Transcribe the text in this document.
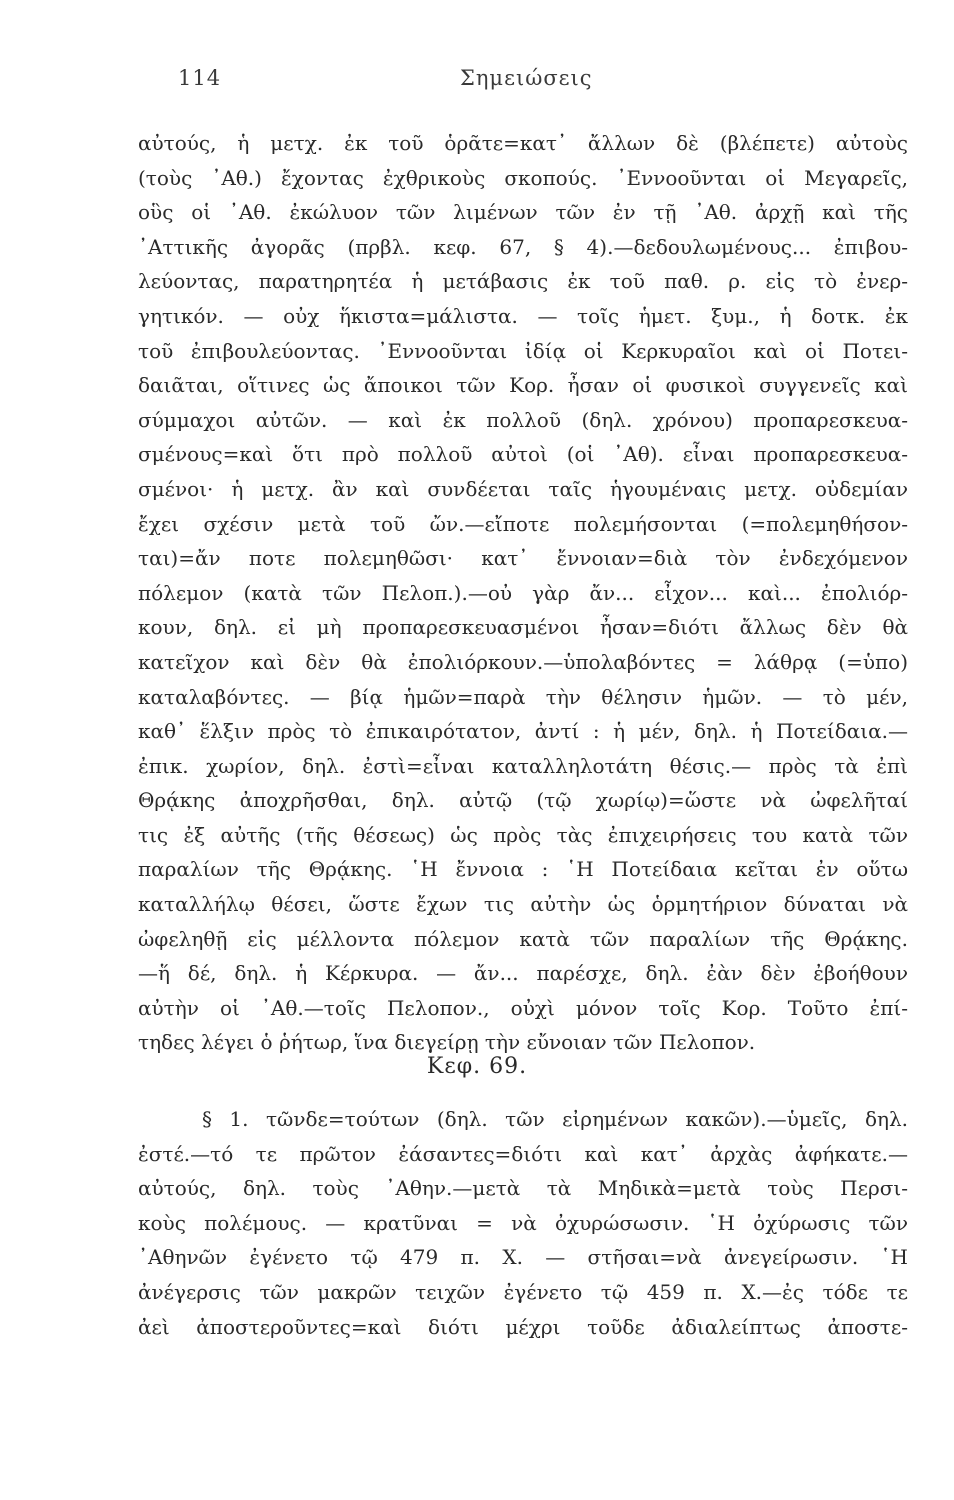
114	Σημειώσεις
αὐτούς, ἡ μετχ. ἐκ τοῦ ὁρᾶτε=κατ᾽ ἄλλων δὲ (βλέπετε) αὐτοὺς
(τοὺς ᾿Αθ.) ἔχοντας ἐχθρικοὺς σκοπούς. ᾿Εννοοῦνται οἱ Μεγαρεῖς,
οὓς οἱ ᾿Αθ. ἐκώλυον τῶν λιμένων τῶν ἐν τῇ ᾿Αθ. ἀρχῇ καὶ τῆς
᾿Αττικῆς ἀγορᾶς (πρβλ. κεφ. 67, § 4).—δεδουλωμένους... ἐπιβου-
λεύοντας, παρατηρητέα ἡ μετάβασις ἐκ τοῦ παθ. ρ. εἰς τὸ ἐνερ-
γητικόν. — οὐχ ἥκιστα=μάλιστα. — τοῖς ἡμετ. ξυμ., ἡ δοτκ. ἐκ
τοῦ ἐπιβουλεύοντας. ᾿Εννοοῦνται ἰδίᾳ οἱ Κερκυραῖοι καὶ οἱ Ποτει-
δαιᾶται, οἵτινες ὡς ἄποικοι τῶν Κορ. ἦσαν οἱ φυσικοὶ συγγενεῖς καὶ
σύμμαχοι αὐτῶν. — καὶ ἐκ πολλοῦ (δηλ. χρόνου) προπαρεσκευα-
σμένους=καὶ ὅτι πρὸ πολλοῦ αὐτοὶ (οἱ ᾿Αθ). εἶναι προπαρεσκευα-
σμένοι· ἡ μετχ. ἂν καὶ συνδέεται ταῖς ἡγουμέναις μετχ. οὐδεμίαν
ἔχει σχέσιν μετὰ τοῦ ὤν.—εἴποτε πολεμήσονται (=πολεμηθήσον-
ται)=ἄν ποτε πολεμηθῶσι· κατ᾽ ἔννοιαν=διὰ τὸν ἐνδεχόμενον
πόλεμον (κατὰ τῶν Πελοπ.).—οὐ γὰρ ἄν... εἶχον... καὶ... ἐπολιόρ-
κουν, δηλ. εἰ μὴ προπαρεσκευασμένοι ἦσαν=διότι ἄλλως δὲν θὰ
κατεῖχον καὶ δὲν θὰ ἐπολιόρκουν.—ὑπολαβόντες = λάθρᾳ (=ὑπο)
καταλαβόντες. — βίᾳ ἡμῶν=παρὰ τὴν θέλησιν ἡμῶν. — τὸ μέν,
καθ᾽ ἕλξιν πρὸς τὸ ἐπικαιρότατον, ἀντί : ἡ μέν, δηλ. ἡ Ποτείδαια.—
ἐπικ. χωρίον, δηλ. ἐστὶ=εἶναι καταλληλοτάτη θέσις.— πρὸς τὰ ἐπὶ
Θρᾴκης ἀποχρῆσθαι, δηλ. αὐτῷ (τῷ χωρίῳ)=ὥστε νὰ ὠφελῆταί
τις ἐξ αὐτῆς (τῆς θέσεως) ὡς πρὸς τὰς ἐπιχειρήσεις του κατὰ τῶν
παραλίων τῆς Θρᾴκης. ῾Η ἔννοια : ῾Η Ποτείδαια κεῖται ἐν οὕτω
καταλλήλῳ θέσει, ὥστε ἔχων τις αὐτὴν ὡς ὁρμητήριον δύναται νὰ
ὠφεληθῇ εἰς μέλλοντα πόλεμον κατὰ τῶν παραλίων τῆς Θρᾴκης.
—ἥ δέ, δηλ. ἡ Κέρκυρα. — ἄν... παρέσχε, δηλ. ἐὰν δὲν ἐβοήθουν
αὐτὴν οἱ ᾿Αθ.—τοῖς Πελοπον., οὐχὶ μόνον τοῖς Κορ. Τοῦτο ἐπί-
τηδες λέγει ὁ ῥήτωρ, ἵνα διεγείρῃ τὴν εὔνοιαν τῶν Πελοπον.
Κεφ. 69.
§ 1. τῶνδε=τούτων (δηλ. τῶν εἰρημένων κακῶν).—ὑμεῖς, δηλ.
ἐστέ.—τό τε πρῶτον ἐάσαντες=διότι καὶ κατ᾽ ἀρχὰς ἀφήκατε.—
αὐτούς, δηλ. τοὺς ᾿Αθην.—μετὰ τὰ Μηδικὰ=μετὰ τοὺς Περσι-
κοὺς πολέμους. — κρατῦναι = νὰ ὀχυρώσωσιν. ῾Η ὀχύρωσις τῶν
᾿Αθηνῶν ἐγένετο τῷ 479 π. Χ. — στῆσαι=νὰ ἀνεγείρωσιν. ῾Η
ἀνέγερσις τῶν μακρῶν τειχῶν ἐγένετο τῷ 459 π. Χ.—ἐς τόδε τε
ἀεὶ ἀποστεροῦντες=καὶ διότι μέχρι τοῦδε ἀδιαλείπτως ἀποστε-
